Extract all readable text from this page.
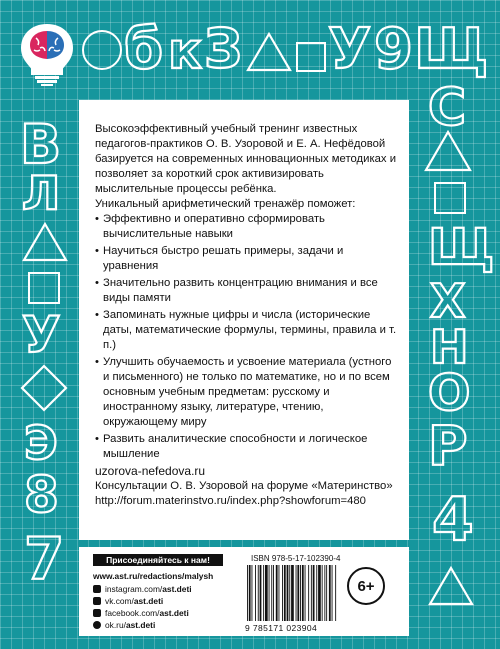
б к З У 9 Щ
В
Л
У
Э
8
7
С
Щ
Х
Н
О
Р
4

Высокоэффективный учебный тренинг известных педагогов-практиков О. В. Узоровой и Е. А. Нефёдовой базируется на современных инновационных методиках и позволяет за короткий срок активизировать мыслительные процессы ребёнка.

Уникальный арифметический тренажёр поможет:

• Эффективно и оперативно сформировать вычислительные навыки
• Научиться быстро решать примеры, задачи и уравнения
• Значительно развить концентрацию внимания и все виды памяти
• Запоминать нужные цифры и числа (исторические даты, математические формулы, термины, правила и т. п.)
• Улучшить обучаемость и усвоение материала (устного и письменного) не только по математике, но и по всем основным учебным предметам: русскому и иностранному языку, литературе, чтению, окружающему миру
• Развить аналитические способности и логическое мышление

uzorova-nefedova.ru

Консультации О. В. Узоровой на форуме «Материнство»

http://forum.materinstvo.ru/index.php?showforum=480

Присоединяйтесь к нам!
www.ast.ru/redactions/malysh
instagram.com/ ast.deti
vk.com/ ast.deti
facebook.com/ ast.deti
ok.ru/ ast.deti
ISBN 978-5-17-102390-4
9 785171 023904
6+
